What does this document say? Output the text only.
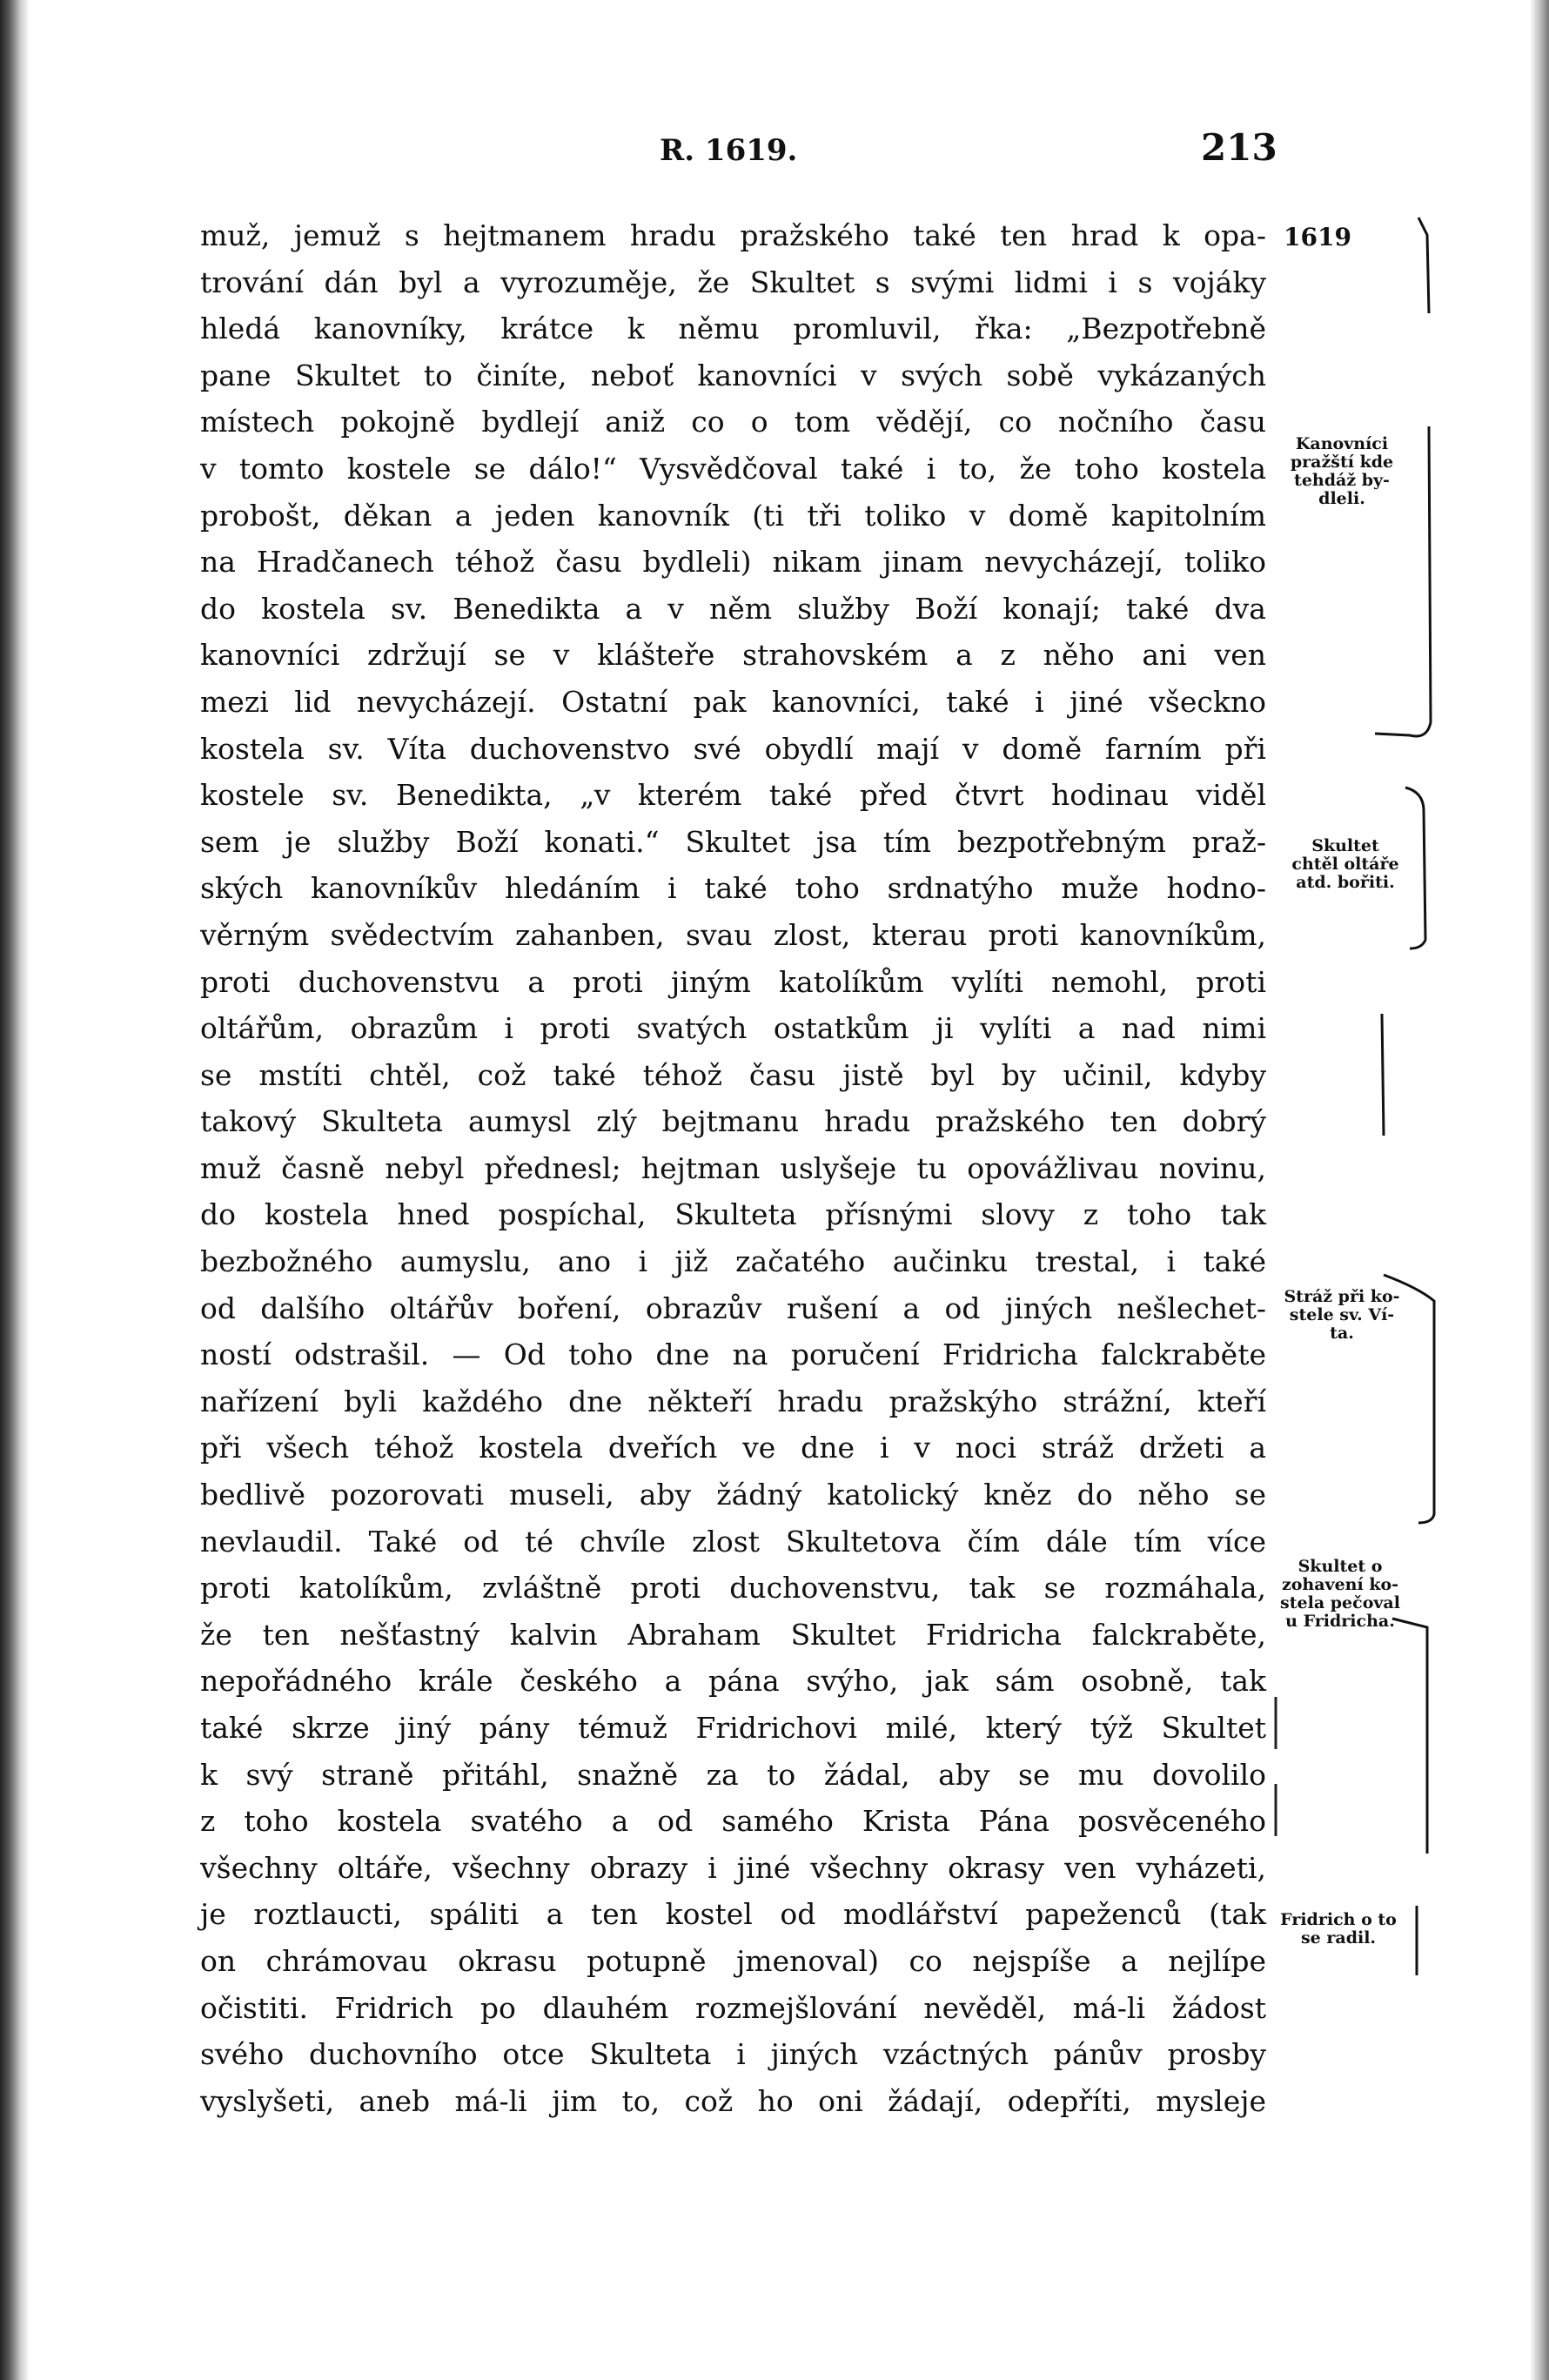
R. 1619.	213
1619
muž, jemuž s hejtmanem hradu pražského také ten hrad k opa-
trování dán byl a vyrozuměje, že Skultet s svými lidmi i s vojáky
hledá kanovníky, krátce k němu promluvil, řka: „Bezpotřebně
pane Skultet to činíte, neboť kanovníci v svých sobě vykázaných
místech pokojně bydlejí aniž co o tom vědějí, co nočního času
v tomto kostele se dálo!“ Vysvědčoval také i to, že toho kostela
probošt, děkan a jeden kanovník (ti tři toliko v domě kapitolním
na Hradčanech téhož času bydleli) nikam jinam nevycházejí, toliko
do kostela sv. Benedikta a v něm služby Boží konají; také dva
kanovníci zdržují se v klášteře strahovském a z něho ani ven
mezi lid nevycházejí. Ostatní pak kanovníci, také i jiné všeckno
kostela sv. Víta duchovenstvo své obydlí mají v domě farním při
kostele sv. Benedikta, „v kterém také před čtvrt hodinau viděl
sem je služby Boží konati.“ Skultet jsa tím bezpotřebným praž-
ských kanovníkův hledáním i také toho srdnatýho muže hodno-
věrným svědectvím zahanben, svau zlost, kterau proti kanovníkům,
proti duchovenstvu a proti jiným katolíkům vylíti nemohl, proti
oltářům, obrazům i proti svatých ostatkům ji vylíti a nad nimi
se mstíti chtěl, což také téhož času jistě byl by učinil, kdyby
takový Skulteta aumysl zlý bejtmanu hradu pražského ten dobrý
muž časně nebyl přednesl; hejtman uslyšeje tu opovážlivau novinu,
do kostela hned pospíchal, Skulteta přísnými slovy z toho tak
bezbožného aumyslu, ano i již začatého aučinku trestal, i také
od dalšího oltářův boření, obrazův rušení a od jiných nešlechet-
ností odstrašil. — Od toho dne na poručení Fridricha falckraběte
nařízení byli každého dne někteří hradu pražskýho strážní, kteří
při všech téhož kostela dveřích ve dne i v noci stráž držeti a
bedlivě pozorovati museli, aby žádný katolický kněz do něho se
nevlaudil. Také od té chvíle zlost Skultetova čím dále tím více
proti katolíkům, zvláštně proti duchovenstvu, tak se rozmáhala,
že ten nešťastný kalvin Abraham Skultet Fridricha falckraběte,
nepořádného krále českého a pána svýho, jak sám osobně, tak
také skrze jiný pány témuž Fridrichovi milé, který týž Skultet
k svý straně přitáhl, snažně za to žádal, aby se mu dovolilo
z toho kostela svatého a od samého Krista Pána posvěceného
všechny oltáře, všechny obrazy i jiné všechny okrasy ven vyházeti,
je roztlaucti, spáliti a ten kostel od modlářství papeženců (tak
on chrámovau okrasu potupně jmenoval) co nejspíše a nejlípe
očistiti. Fridrich po dlauhém rozmejšlování nevěděl, má-li žádost
svého duchovního otce Skulteta i jiných vzáctných pánův prosby
vyslyšeti, aneb má-li jim to, což ho oni žádají, odepříti, mysleje
Kanovníci
pražští kde
tehdáž by-
dleli.
Skultet
chtěl oltáře
atd. bořiti.
Stráž při ko-
stele sv. Ví-
ta.
Skultet o
zohavení ko-
stela pečoval
u Fridricha.
Fridrich o to
se radil.
